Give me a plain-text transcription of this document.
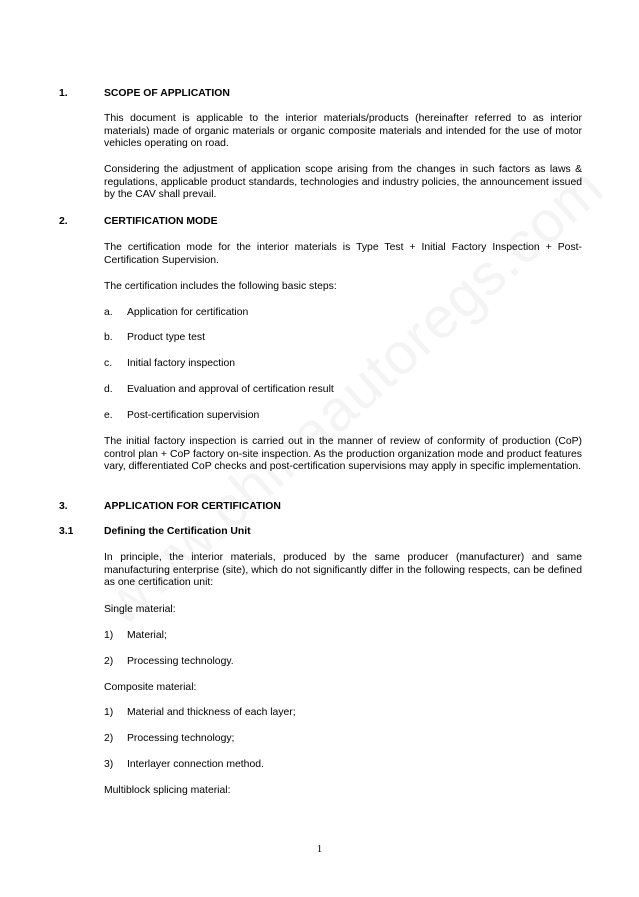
1.	SCOPE OF APPLICATION
This document is applicable to the interior materials/products (hereinafter referred to as interior materials) made of organic materials or organic composite materials and intended for the use of motor vehicles operating on road.
Considering the adjustment of application scope arising from the changes in such factors as laws & regulations, applicable product standards, technologies and industry policies, the announcement issued by the CAV shall prevail.
2.	CERTIFICATION MODE
The certification mode for the interior materials is Type Test + Initial Factory Inspection + Post-Certification Supervision.
The certification includes the following basic steps:
a. Application for certification
b. Product type test
c. Initial factory inspection
d. Evaluation and approval of certification result
e. Post-certification supervision
The initial factory inspection is carried out in the manner of review of conformity of production (CoP) control plan + CoP factory on-site inspection. As the production organization mode and product features vary, differentiated CoP checks and post-certification supervisions may apply in specific implementation.
3.	APPLICATION FOR CERTIFICATION
3.1	Defining the Certification Unit
In principle, the interior materials, produced by the same producer (manufacturer) and same manufacturing enterprise (site), which do not significantly differ in the following respects, can be defined as one certification unit:
Single material:
1) Material;
2) Processing technology.
Composite material:
1) Material and thickness of each layer;
2) Processing technology;
3) Interlayer connection method.
Multiblock splicing material:
1
